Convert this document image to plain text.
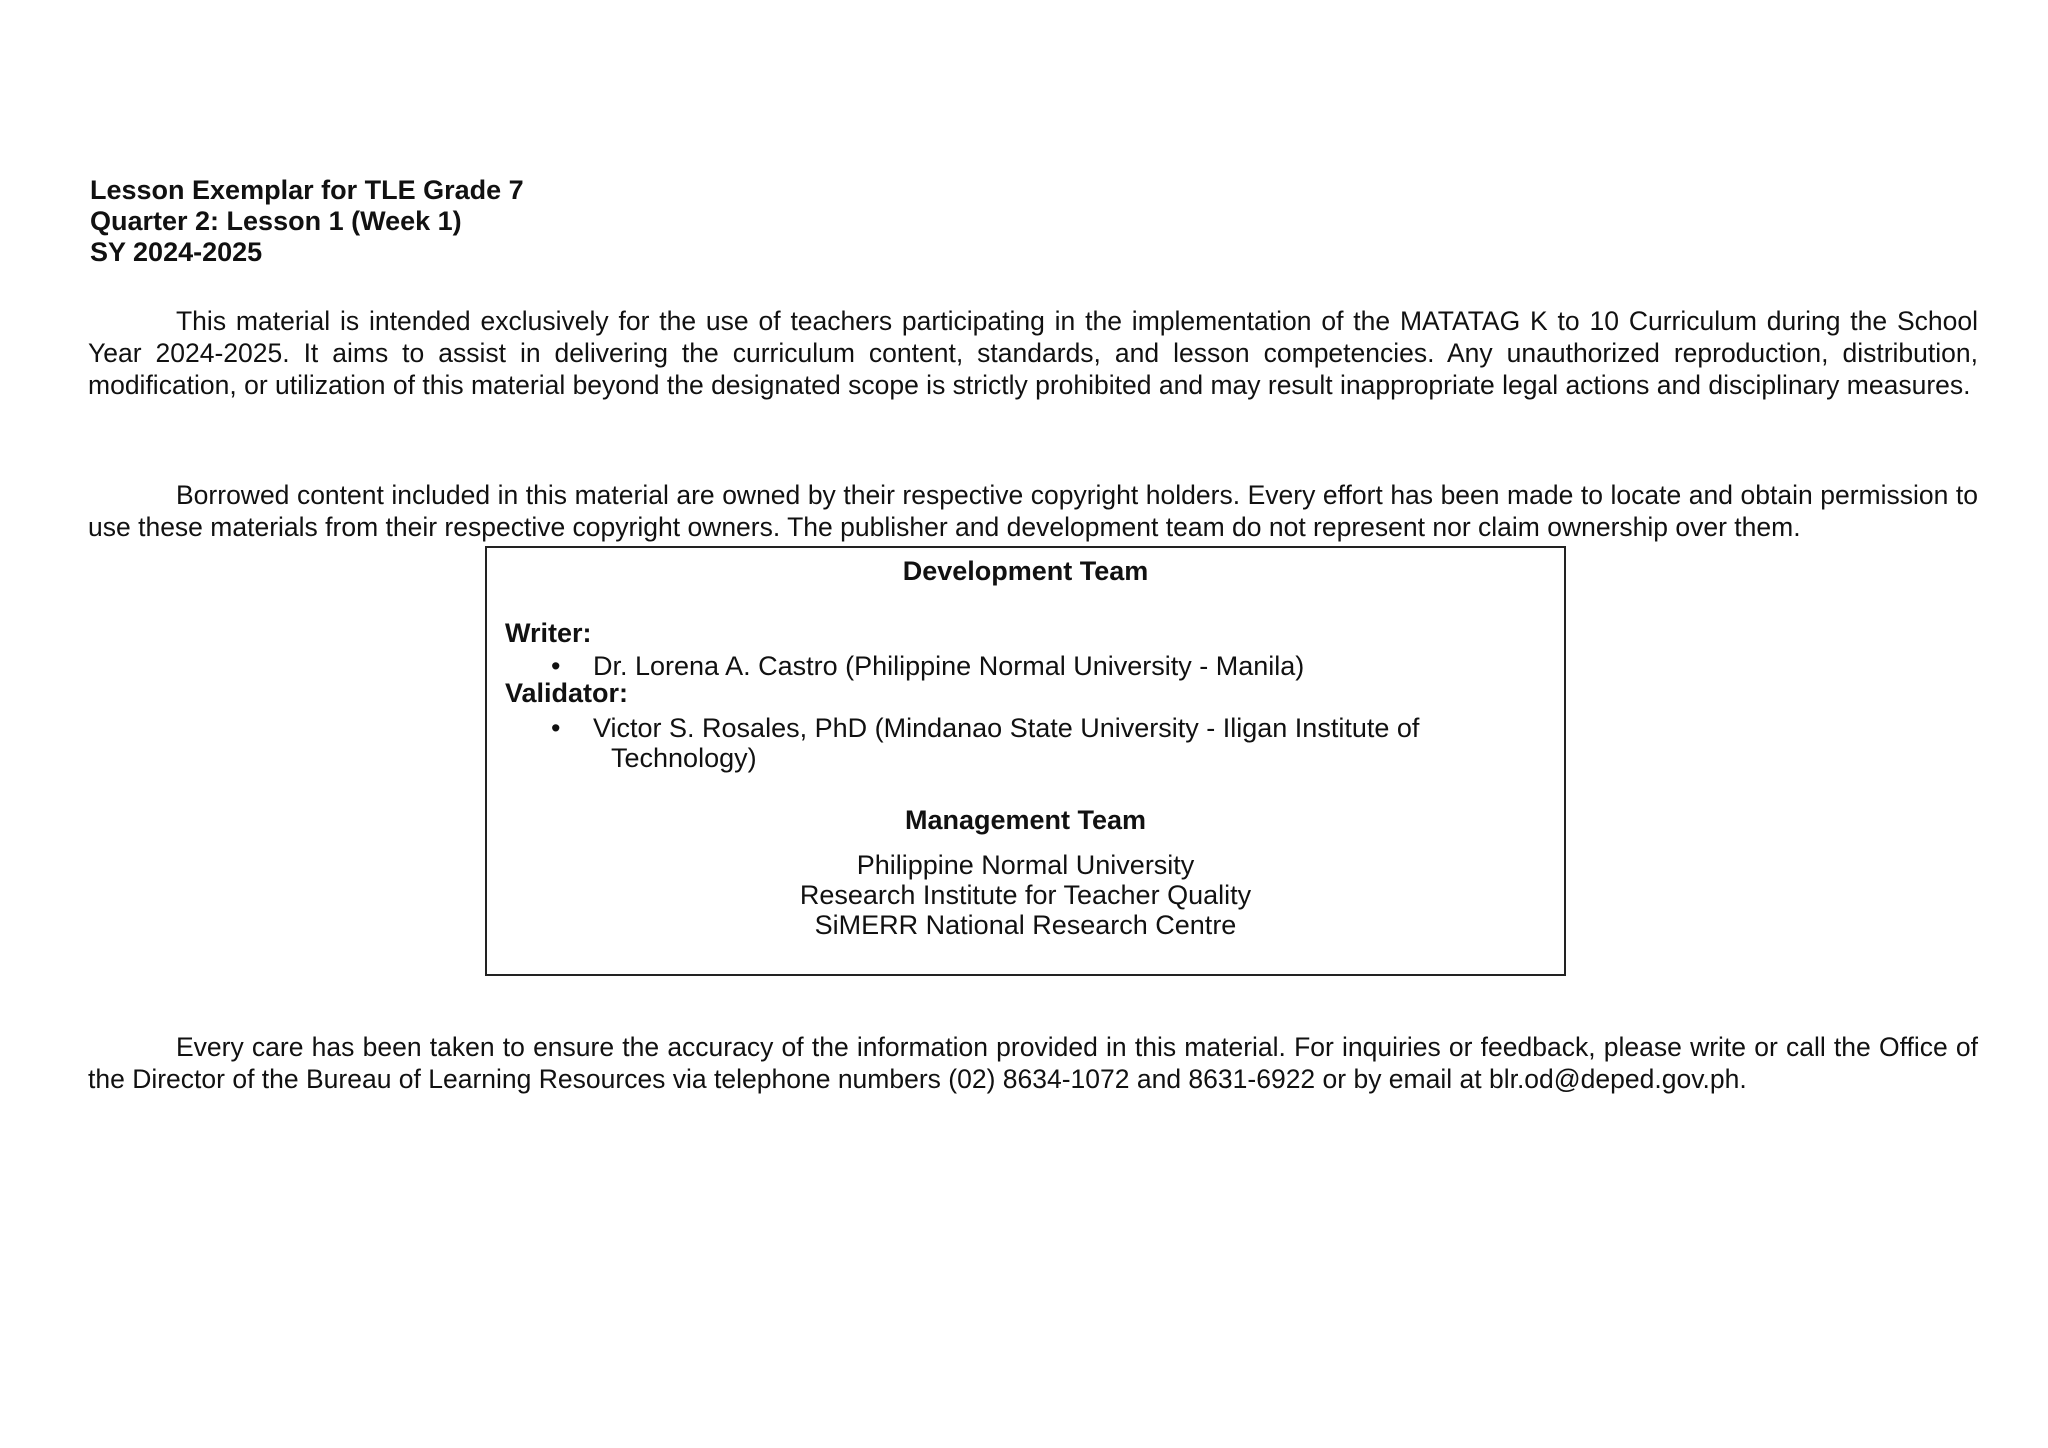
Lesson Exemplar for TLE Grade 7
Quarter 2: Lesson 1 (Week 1)
SY 2024-2025
This material is intended exclusively for the use of teachers participating in the implementation of the MATATAG K to 10 Curriculum during the School Year 2024-2025. It aims to assist in delivering the curriculum content, standards, and lesson competencies. Any unauthorized reproduction, distribution, modification, or utilization of this material beyond the designated scope is strictly prohibited and may result inappropriate legal actions and disciplinary measures.
Borrowed content included in this material are owned by their respective copyright holders. Every effort has been made to locate and obtain permission to use these materials from their respective copyright owners. The publisher and development team do not represent nor claim ownership over them.
Development Team
Writer:
• Dr. Lorena A. Castro (Philippine Normal University - Manila)
Validator:
• Victor S. Rosales, PhD (Mindanao State University - Iligan Institute of
Technology)
Management Team
Philippine Normal University
Research Institute for Teacher Quality
SiMERR National Research Centre
Every care has been taken to ensure the accuracy of the information provided in this material. For inquiries or feedback, please write or call the Office of the Director of the Bureau of Learning Resources via telephone numbers (02) 8634-1072 and 8631-6922 or by email at blr.od@deped.gov.ph.
